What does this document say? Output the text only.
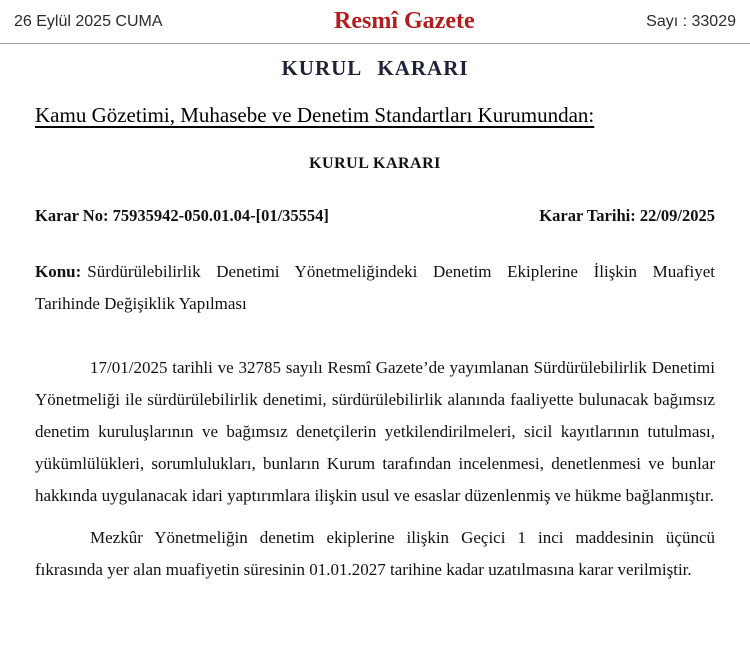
26 Eylül 2025 CUMA	Resmî Gazete	Sayı : 33029
KURUL KARARI
Kamu Gözetimi, Muhasebe ve Denetim Standartları Kurumundan:
KURUL KARARI
Karar No: 75935942-050.01.04-[01/35554]	Karar Tarihi: 22/09/2025

Konu: Sürdürülebilirlik Denetimi Yönetmeliğindeki Denetim Ekiplerine İlişkin Muafiyet Tarihinde Değişiklik Yapılması

17/01/2025 tarihli ve 32785 sayılı Resmî Gazete’de yayımlanan Sürdürülebilirlik Denetimi Yönetmeliği ile sürdürülebilirlik denetimi, sürdürülebilirlik alanında faaliyette bulunacak bağımsız denetim kuruluşlarının ve bağımsız denetçilerin yetkilendirilmeleri, sicil kayıtlarının tutulması, yükümlülükleri, sorumlulukları, bunların Kurum tarafından incelenmesi, denetlenmesi ve bunlar hakkında uygulanacak idari yaptırımlara ilişkin usul ve esaslar düzenlenmiş ve hükme bağlanmıştır.

Mezkûr Yönetmeliğin denetim ekiplerine ilişkin Geçici 1 inci maddesinin üçüncü fıkrasında yer alan muafiyetin süresinin 01.01.2027 tarihine kadar uzatılmasına karar verilmiştir.
